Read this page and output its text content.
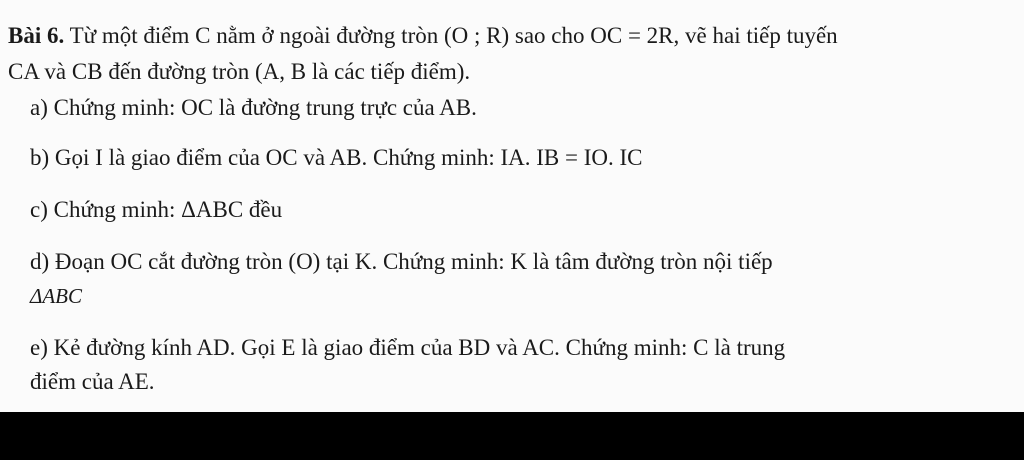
Bài 6. Từ một điểm C nằm ở ngoài đường tròn (O ; R) sao cho OC = 2R, vẽ hai tiếp tuyến
CA và CB đến đường tròn (A, B là các tiếp điểm).
a) Chứng minh: OC là đường trung trực của AB.
b) Gọi I là giao điểm của OC và AB. Chứng minh: IA. IB = IO. IC
c) Chứng minh: ΔABC đều
d) Đoạn OC cắt đường tròn (O) tại K. Chứng minh: K là tâm đường tròn nội tiếp
ΔABC
e) Kẻ đường kính AD. Gọi E là giao điểm của BD và AC. Chứng minh: C là trung
điểm của AE.
